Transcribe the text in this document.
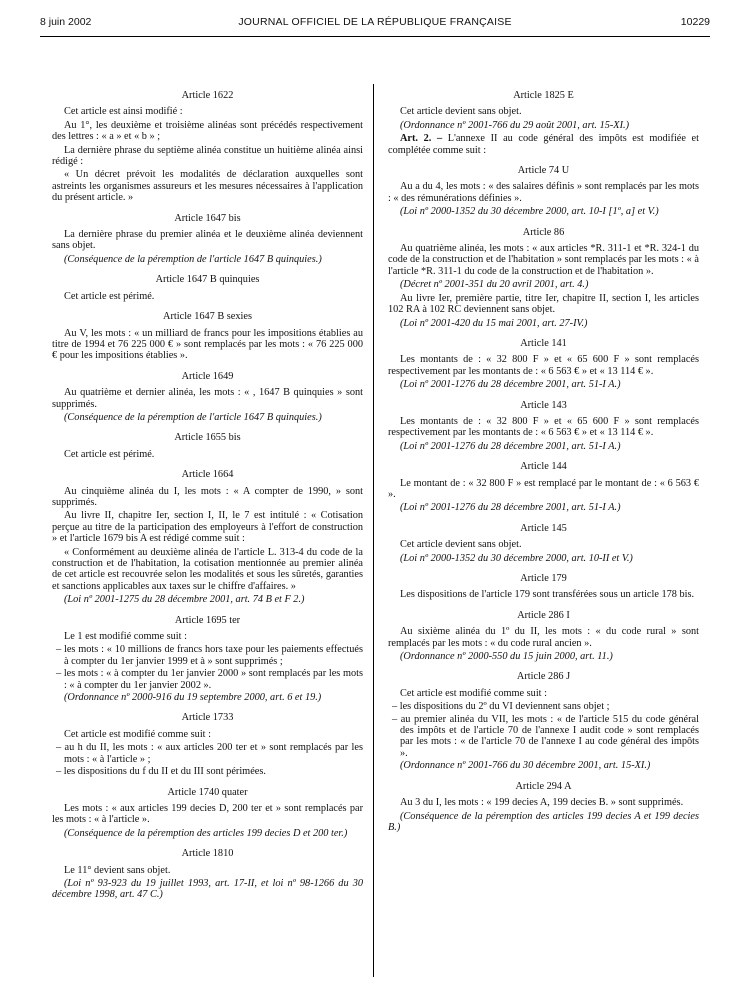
8 juin 2002	JOURNAL OFFICIEL DE LA RÉPUBLIQUE FRANÇAISE	10229
Article 1622
Cet article est ainsi modifié :
Au 1°, les deuxième et troisième alinéas sont précédés respectivement des lettres : « a » et « b » ;
La dernière phrase du septième alinéa constitue un huitième alinéa ainsi rédigé :
« Un décret prévoit les modalités de déclaration auxquelles sont astreints les organismes assureurs et les mesures nécessaires à l'application du présent article. »
Article 1647 bis
La dernière phrase du premier alinéa et le deuxième alinéa deviennent sans objet.
(Conséquence de la péremption de l'article 1647 B quinquies.)
Article 1647 B quinquies
Cet article est périmé.
Article 1647 B sexies
Au V, les mots : « un milliard de francs pour les impositions établies au titre de 1994 et 76 225 000 € » sont remplacés par les mots : « 76 225 000 € pour les impositions établies ».
Article 1649
Au quatrième et dernier alinéa, les mots : « , 1647 B quinquies » sont supprimés.
(Conséquence de la péremption de l'article 1647 B quinquies.)
Article 1655 bis
Cet article est périmé.
Article 1664
Au cinquième alinéa du I, les mots : « A compter de 1990, » sont supprimés.
Au livre II, chapitre Ier, section I, II, le 7 est intitulé : « Cotisation perçue au titre de la participation des employeurs à l'effort de construction » et l'article 1679 bis A est rédigé comme suit :
« Conformément au deuxième alinéa de l'article L. 313-4 du code de la construction et de l'habitation, la cotisation mentionnée au premier alinéa de cet article est recouvrée selon les modalités et sous les sûretés, garanties et sanctions applicables aux taxes sur le chiffre d'affaires. »
(Loi nº 2001-1275 du 28 décembre 2001, art. 74 B et F 2.)
Article 1695 ter
Le 1 est modifié comme suit :
– les mots : « 10 millions de francs hors taxe pour les paiements effectués à compter du 1er janvier 1999 et à » sont supprimés ;
– les mots : « à compter du 1er janvier 2000 » sont remplacés par les mots : « à compter du 1er janvier 2002 ».
(Ordonnance nº 2000-916 du 19 septembre 2000, art. 6 et 19.)
Article 1733
Cet article est modifié comme suit :
– au h du II, les mots : « aux articles 200 ter et » sont remplacés par les mots : « à l'article » ;
– les dispositions du f du II et du III sont périmées.
Article 1740 quater
Les mots : « aux articles 199 decies D, 200 ter et » sont remplacés par les mots : « à l'article ».
(Conséquence de la péremption des articles 199 decies D et 200 ter.)
Article 1810
Le 11° devient sans objet.
(Loi nº 93-923 du 19 juillet 1993, art. 17-II, et loi nº 98-1266 du 30 décembre 1998, art. 47 C.)
Article 1825 E
Cet article devient sans objet.
(Ordonnance nº 2001-766 du 29 août 2001, art. 15-XI.)
Art. 2. – L'annexe II au code général des impôts est modifiée et complétée comme suit :
Article 74 U
Au a du 4, les mots : « des salaires définis » sont remplacés par les mots : « des rémunérations définies ».
(Loi nº 2000-1352 du 30 décembre 2000, art. 10-I [1º, a] et V.)
Article 86
Au quatrième alinéa, les mots : « aux articles *R. 311-1 et *R. 324-1 du code de la construction et de l'habitation » sont remplacés par les mots : « à l'article *R. 311-1 du code de la construction et de l'habitation ».
(Décret nº 2001-351 du 20 avril 2001, art. 4.)
Au livre Ier, première partie, titre Ier, chapitre II, section I, les articles 102 RA à 102 RC deviennent sans objet.
(Loi nº 2001-420 du 15 mai 2001, art. 27-IV.)
Article 141
Les montants de : « 32 800 F » et « 65 600 F » sont remplacés respectivement par les montants de : « 6 563 € » et « 13 114 € ».
(Loi nº 2001-1276 du 28 décembre 2001, art. 51-I A.)
Article 143
Les montants de : « 32 800 F » et « 65 600 F » sont remplacés respectivement par les montants de : « 6 563 € » et « 13 114 € ».
(Loi nº 2001-1276 du 28 décembre 2001, art. 51-I A.)
Article 144
Le montant de : « 32 800 F » est remplacé par le montant de : « 6 563 € ».
(Loi nº 2001-1276 du 28 décembre 2001, art. 51-I A.)
Article 145
Cet article devient sans objet.
(Loi nº 2000-1352 du 30 décembre 2000, art. 10-II et V.)
Article 179
Les dispositions de l'article 179 sont transférées sous un article 178 bis.
Article 286 I
Au sixième alinéa du 1º du II, les mots : « du code rural » sont remplacés par les mots : « du code rural ancien ».
(Ordonnance nº 2000-550 du 15 juin 2000, art. 11.)
Article 286 J
Cet article est modifié comme suit :
– les dispositions du 2º du VI deviennent sans objet ;
– au premier alinéa du VII, les mots : « de l'article 515 du code général des impôts et de l'article 70 de l'annexe I audit code » sont remplacés par les mots : « de l'article 70 de l'annexe I au code général des impôts ».
(Ordonnance nº 2001-766 du 30 décembre 2001, art. 15-XI.)
Article 294 A
Au 3 du I, les mots : « 199 decies A, 199 decies B. » sont supprimés.
(Conséquence de la péremption des articles 199 decies A et 199 decies B.)
